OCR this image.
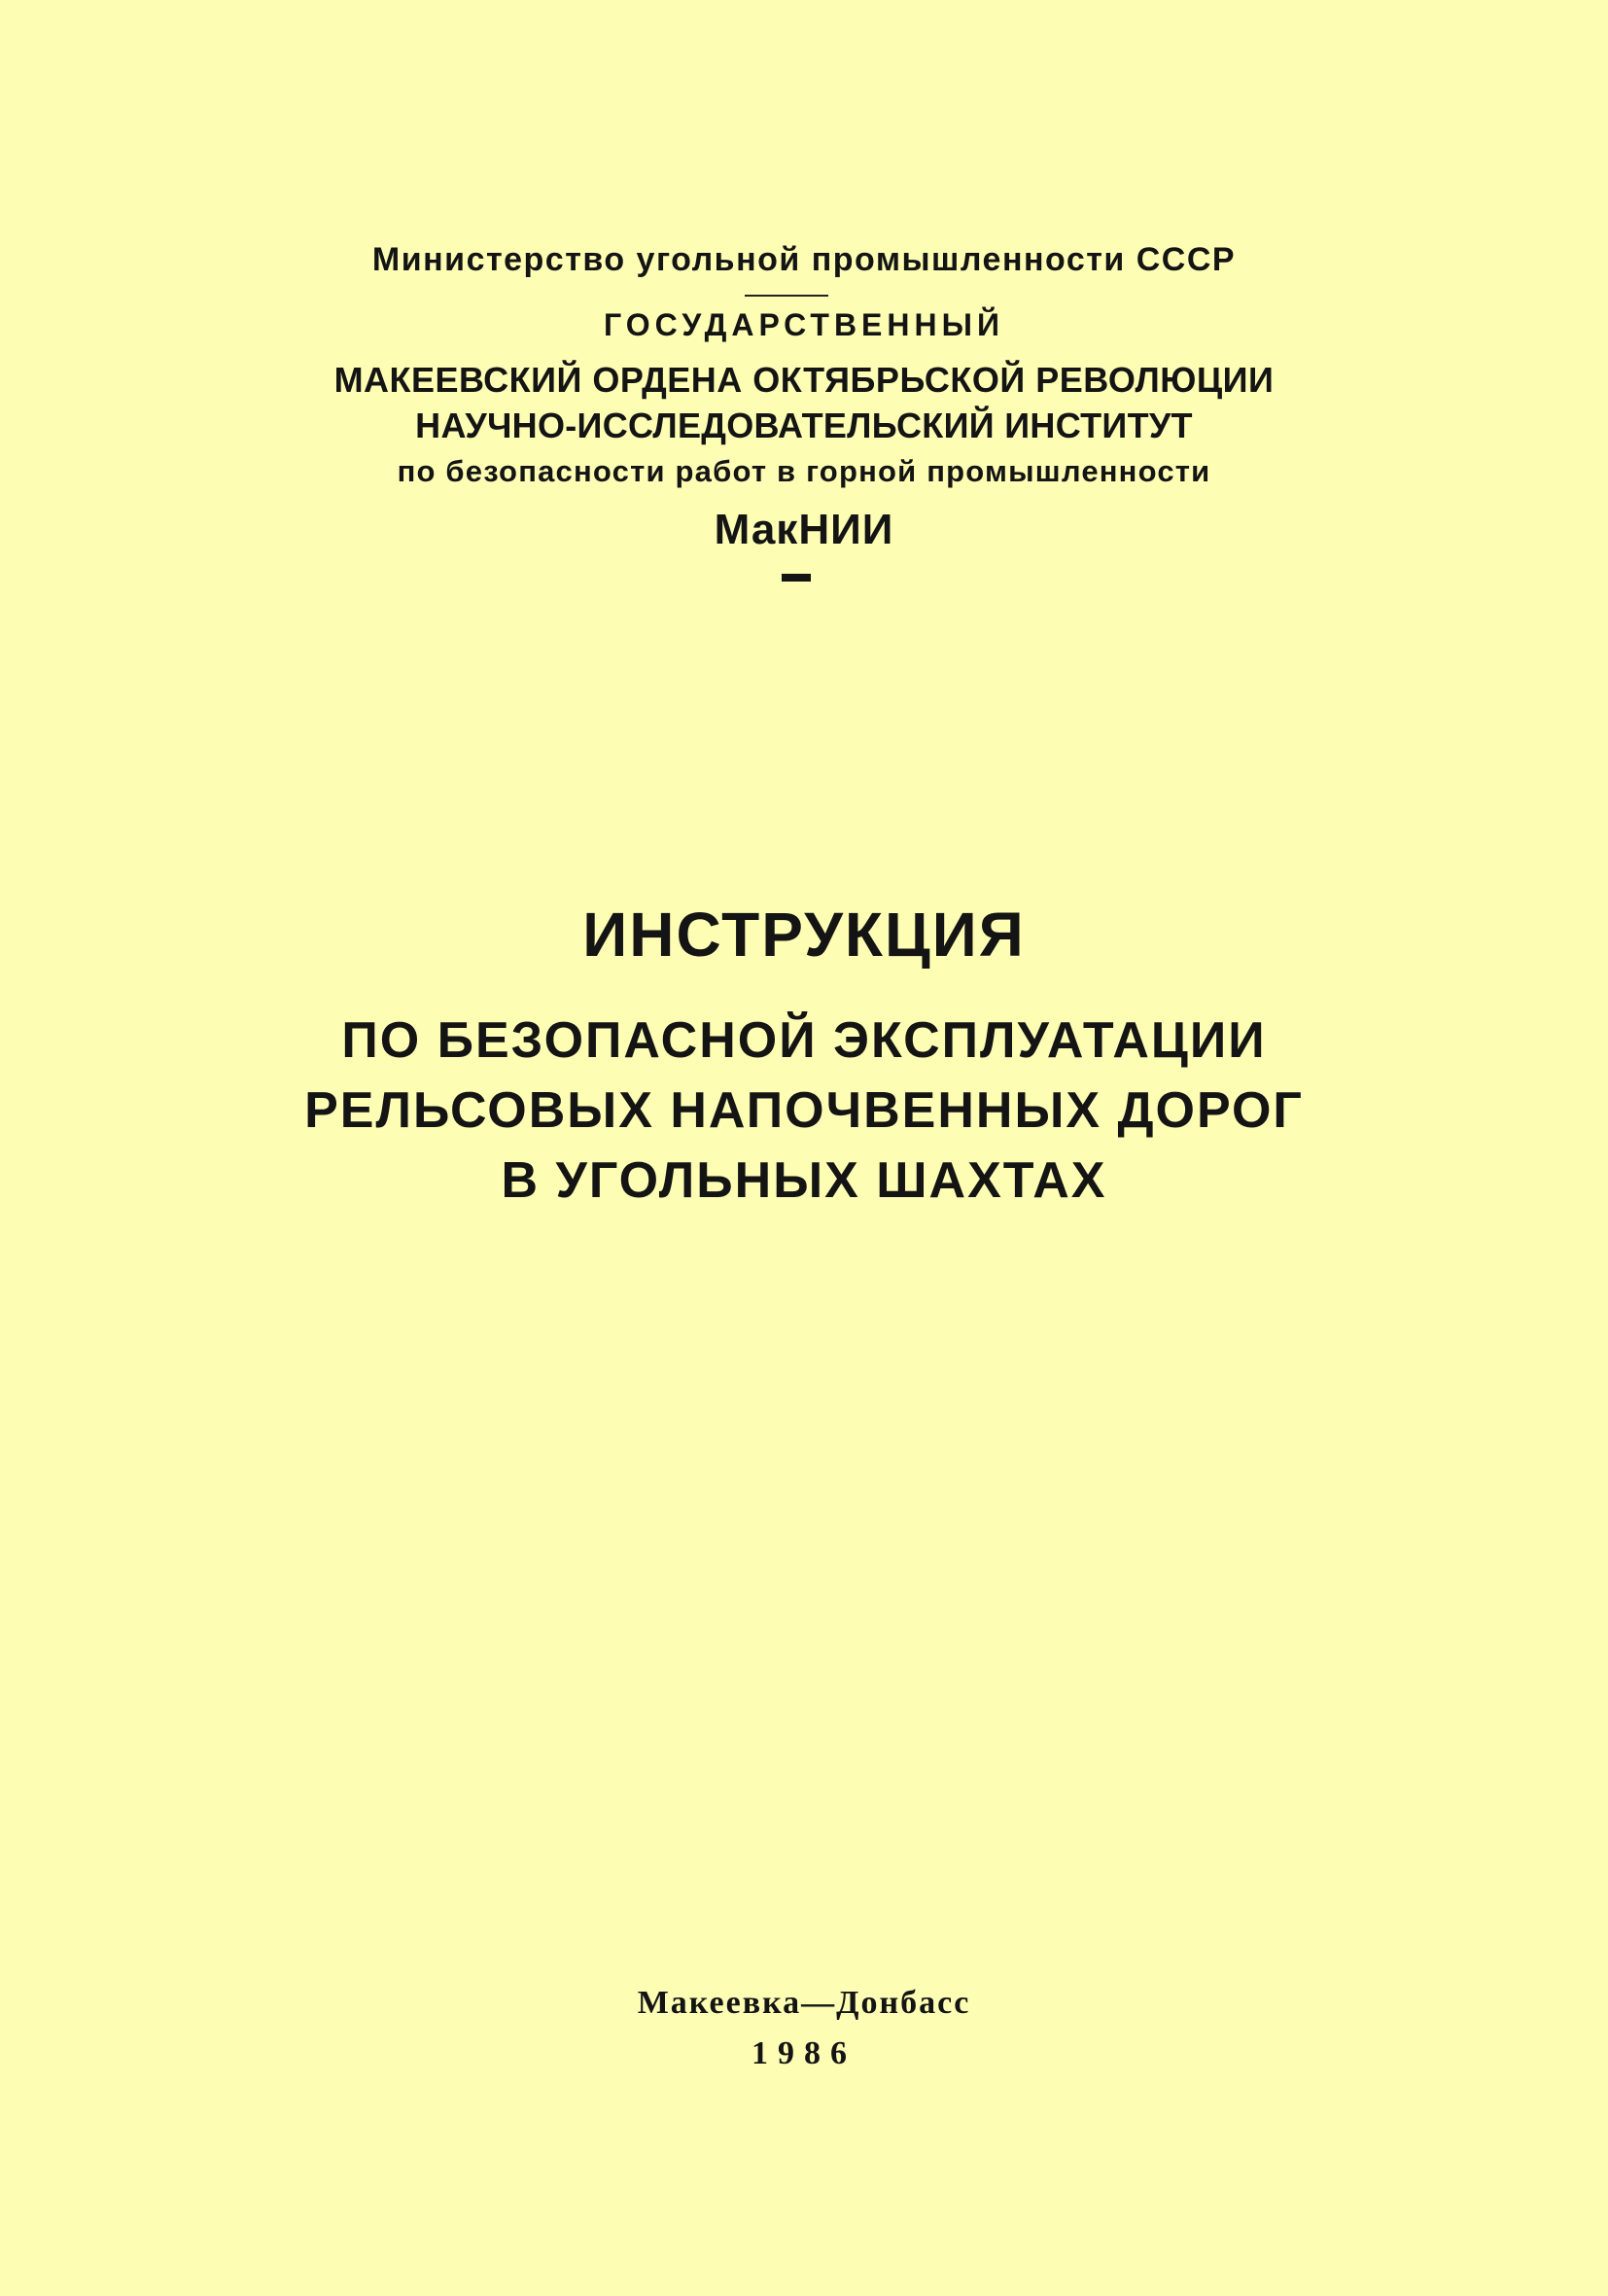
Министерство угольной промышленности СССР
ГОСУДАРСТВЕННЫЙ
МАКЕЕВСКИЙ ОРДЕНА ОКТЯБРЬСКОЙ РЕВОЛЮЦИИ
НАУЧНО-ИССЛЕДОВАТЕЛЬСКИЙ ИНСТИТУТ
по безопасности работ в горной промышленности
МакНИИ
ИНСТРУКЦИЯ
ПО БЕЗОПАСНОЙ ЭКСПЛУАТАЦИИ
РЕЛЬСОВЫХ НАПОЧВЕННЫХ ДОРОГ
В УГОЛЬНЫХ ШАХТАХ
Макеевка—Донбасс
1986
